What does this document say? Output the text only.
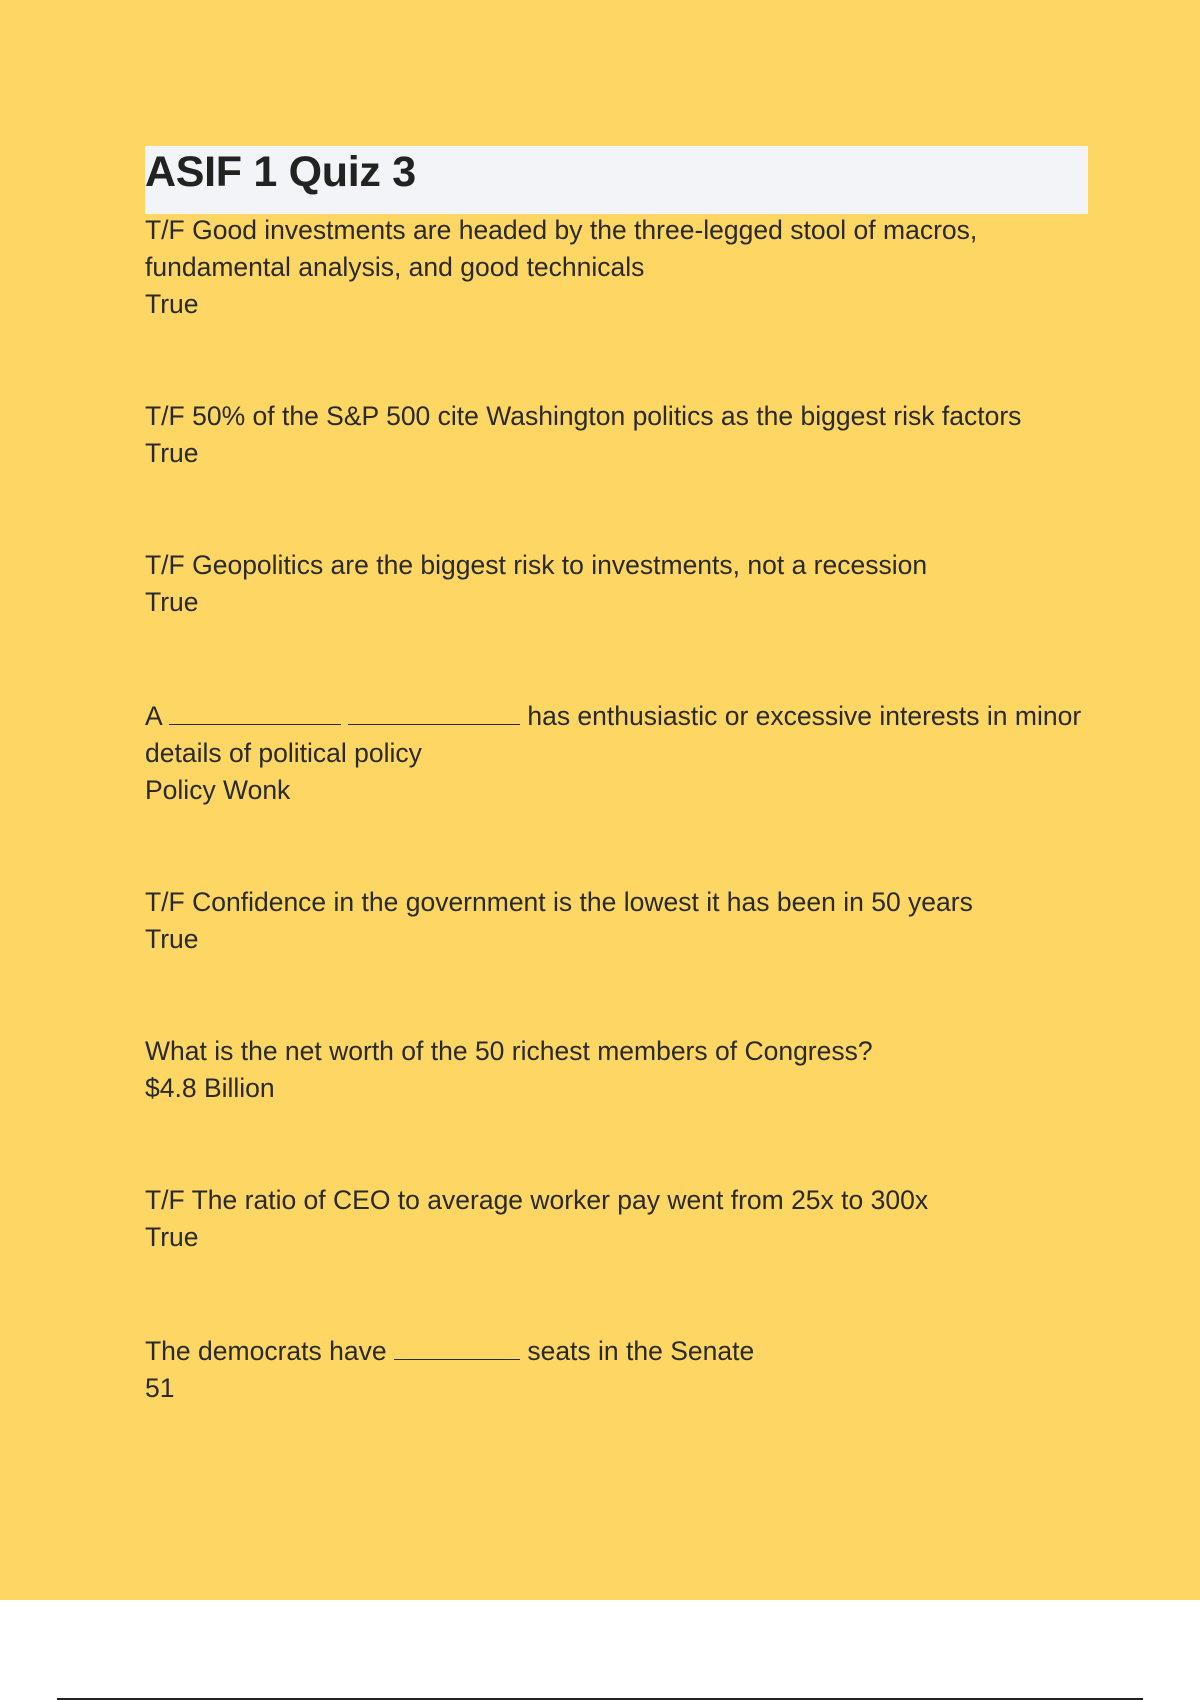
ASIF 1 Quiz 3
T/F Good investments are headed by the three-legged stool of macros, fundamental analysis, and good technicals
True
T/F 50% of the S&P 500 cite Washington politics as the biggest risk factors
True
T/F Geopolitics are the biggest risk to investments, not a recession
True
A	has enthusiastic or excessive interests in minor details of political policy
Policy Wonk
T/F Confidence in the government is the lowest it has been in 50 years
True
What is the net worth of the 50 richest members of Congress?
$4.8 Billion
T/F The ratio of CEO to average worker pay went from 25x to 300x
True
The democrats have	seats in the Senate
51
